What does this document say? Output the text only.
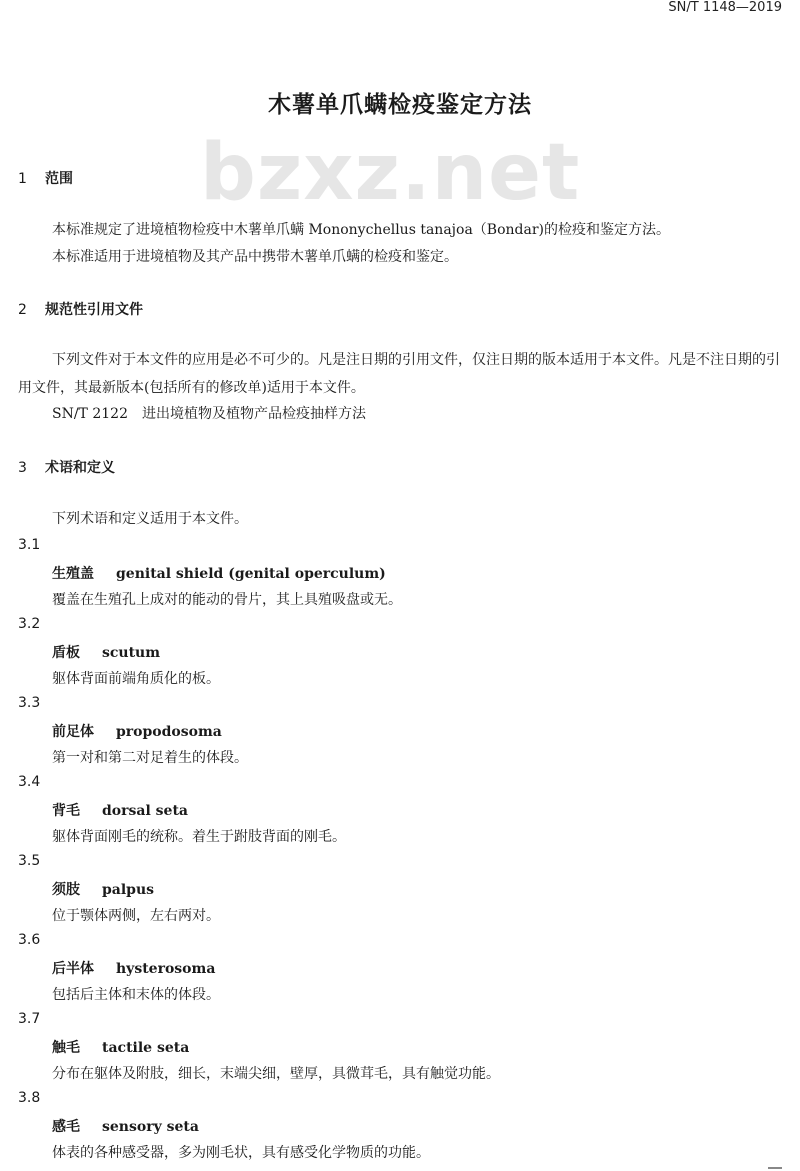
SN/T 1148—2019
bzxz.net
木薯单爪螨检疫鉴定方法
1 范围
本标准规定了进境植物检疫中木薯单爪螨 Mononychellus tanajoa（Bondar)的检疫和鉴定方法。
本标准适用于进境植物及其产品中携带木薯单爪螨的检疫和鉴定。
2 规范性引用文件
下列文件对于本文件的应用是必不可少的。凡是注日期的引用文件，仅注日期的版本适用于本文件。凡是不注日期的引用文件，其最新版本(包括所有的修改单)适用于本文件。
SN/T 2122　进出境植物及植物产品检疫抽样方法
3 术语和定义
下列术语和定义适用于本文件。
3.1
生殖盖 genital shield (genital operculum)
覆盖在生殖孔上成对的能动的骨片，其上具殖吸盘或无。
3.2
盾板 scutum
躯体背面前端角质化的板。
3.3
前足体 propodosoma
第一对和第二对足着生的体段。
3.4
背毛 dorsal seta
躯体背面刚毛的统称。着生于跗肢背面的刚毛。
3.5
须肢 palpus
位于颚体两侧，左右两对。
3.6
后半体 hysterosoma
包括后主体和末体的体段。
3.7
触毛 tactile seta
分布在躯体及附肢，细长，末端尖细，壁厚，具微茸毛，具有触觉功能。
3.8
感毛 sensory seta
体表的各种感受器，多为刚毛状，具有感受化学物质的功能。
